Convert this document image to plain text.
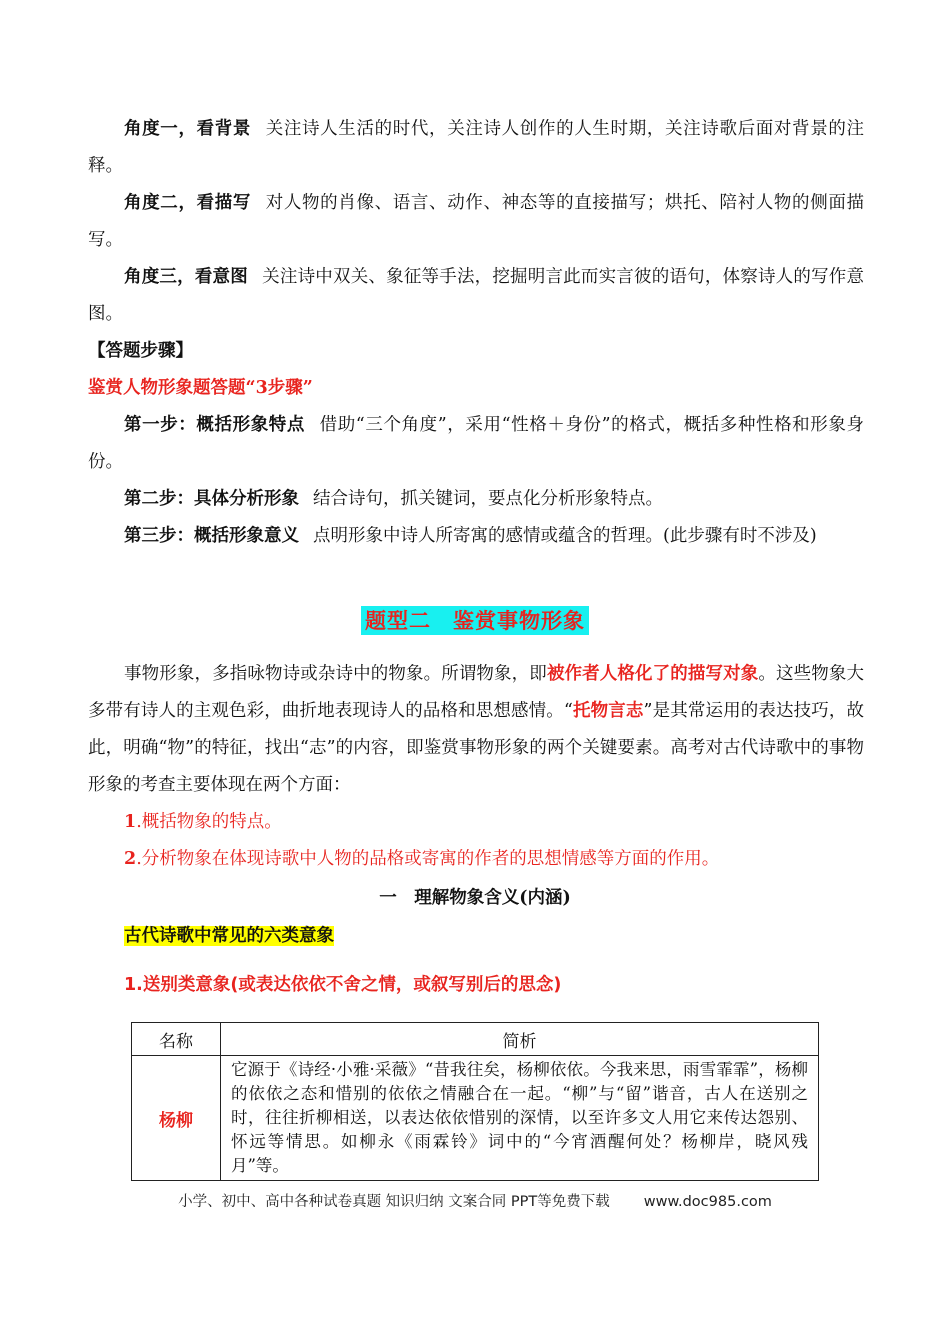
角度一，看背景 关注诗人生活的时代，关注诗人创作的人生时期，关注诗歌后面对背景的注释。

角度二，看描写 对人物的肖像、语言、动作、神态等的直接描写；烘托、陪衬人物的侧面描写。

角度三，看意图 关注诗中双关、象征等手法，挖掘明言此而实言彼的语句，体察诗人的写作意图。

【答题步骤】

鉴赏人物形象题答题“3步骤”

第一步：概括形象特点 借助“三个角度”，采用“性格＋身份”的格式，概括多种性格和形象身份。

第二步：具体分析形象 结合诗句，抓关键词，要点化分析形象特点。

第三步：概括形象意义 点明形象中诗人所寄寓的感情或蕴含的哲理。(此步骤有时不涉及)

题型二　鉴赏事物形象

事物形象，多指咏物诗或杂诗中的物象。所谓物象，即被作者人格化了的描写对象。这些物象大多带有诗人的主观色彩，曲折地表现诗人的品格和思想感情。“托物言志”是其常运用的表达技巧，故此，明确“物”的特征，找出“志”的内容，即鉴赏事物形象的两个关键要素。高考对古代诗歌中的事物形象的考查主要体现在两个方面：

1.概括物象的特点。

2.分析物象在体现诗歌中人物的品格或寄寓的作者的思想情感等方面的作用。

一　理解物象含义(内涵)

古代诗歌中常见的六类意象

1.送别类意象(或表达依依不舍之情，或叙写别后的思念)

名称	简析
杨柳	它源于《诗经·小雅·采薇》“昔我往矣，杨柳依依。今我来思，雨雪霏霏”，杨柳的依依之态和惜别的依依之情融合在一起。“柳”与“留”谐音，古人在送别之时，往往折柳相送，以表达依依惜别的深情，以至许多文人用它来传达怨别、怀远等情思。如柳永《雨霖铃》词中的“今宵酒醒何处？杨柳岸，晓风残月”等。
小学、初中、高中各种试卷真题 知识归纳 文案合同 PPT等免费下载 www.doc985.com
